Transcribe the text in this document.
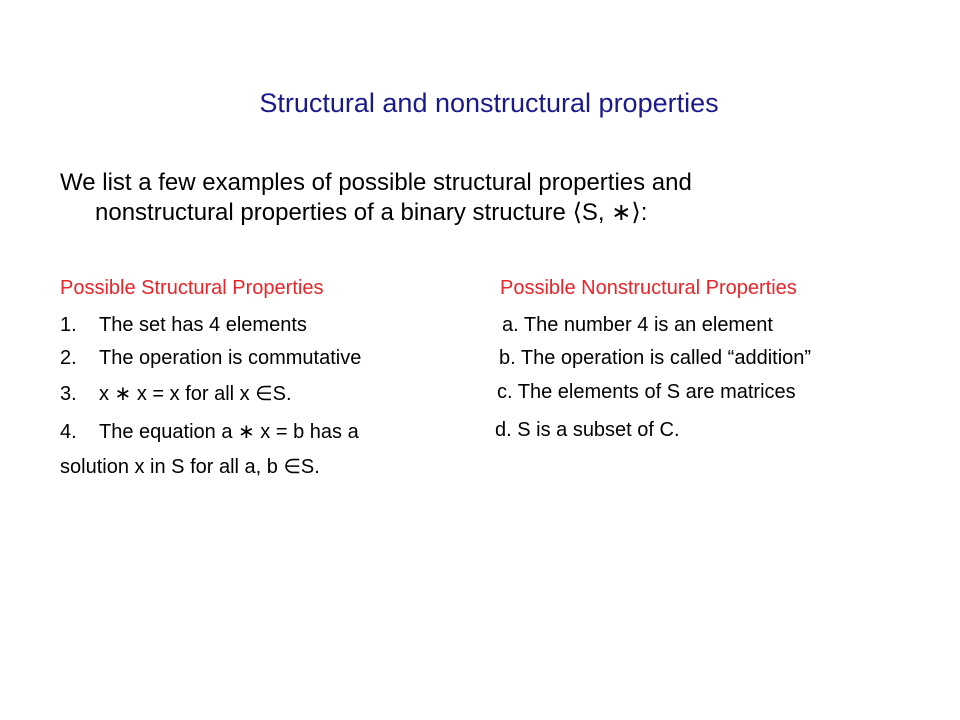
Structural and nonstructural properties
We list a few examples of possible structural properties and
nonstructural properties of a binary structure ⟨S, ∗⟩:
Possible Structural Properties	Possible Nonstructural Properties
1. The set has 4 elements	a. The number 4 is an element
2. The operation is commutative	b. The operation is called “addition”
3. x ∗ x = x for all x ∈S.	c. The elements of S are matrices
4. The equation a ∗ x = b has a	d. S is a subset of C.
solution x in S for all a, b ∈S.
